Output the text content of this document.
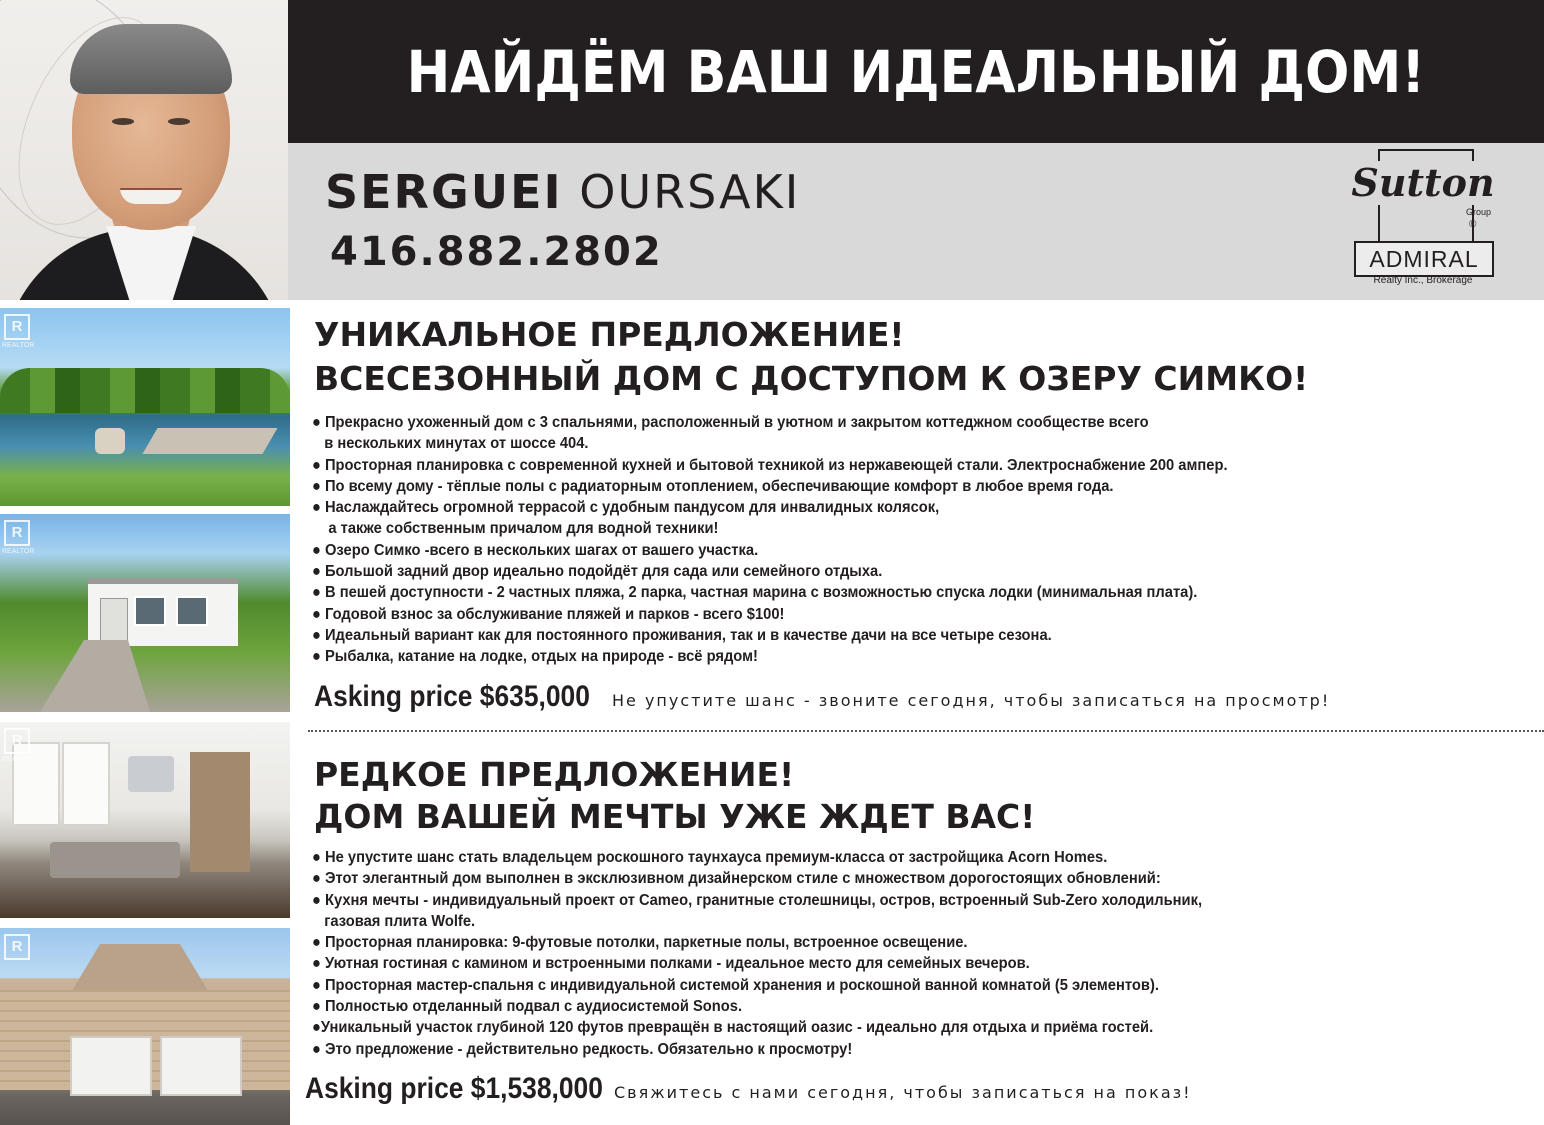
НАЙДЁМ ВАШ ИДЕАЛЬНЫЙ ДОМ!
SERGUEI OURSAKI
416.882.2802
Sutton
Group
®
ADMIRAL
Realty Inc., Brokerage
R
REALTOR
R
REALTOR
R
REALTOR
R
УНИКАЛЬНОЕ ПРЕДЛОЖЕНИЕ!
ВСЕСЕЗОННЫЙ ДОМ С ДОСТУПОМ К ОЗЕРУ СИМКО!
● Прекрасно ухоженный дом с 3 спальнями, расположенный в уютном и закрытом коттеджном сообществе всего
в нескольких минутах от шоссе 404.
● Просторная планировка с современной кухней и бытовой техникой из нержавеющей стали. Электроснабжение 200 ампер.
● По всему дому - тёплые полы с радиаторным отоплением, обеспечивающие комфорт в любое время года.
● Наслаждайтесь огромной террасой с удобным пандусом для инвалидных колясок,
а также собственным причалом для водной техники!
● Озеро Симко -всего в нескольких шагах от вашего участка.
● Большой задний двор идеально подойдёт для сада или семейного отдыха.
● В пешей доступности - 2 частных пляжа, 2 парка, частная марина с возможностью спуска лодки (минимальная плата).
● Годовой взнос за обслуживание пляжей и парков - всего $100!
● Идеальный вариант как для постоянного проживания, так и в качестве дачи на все четыре сезона.
● Рыбалка, катание на лодке, отдых на природе - всё рядом!
Asking price $635,000 Не упустите шанс - звоните сегодня, чтобы записаться на просмотр!
РЕДКОЕ ПРЕДЛОЖЕНИЕ!
ДОМ ВАШЕЙ МЕЧТЫ УЖЕ ЖДЕТ ВАС!
● Не упустите шанс стать владельцем роскошного таунхауса премиум-класса от застройщика Acorn Homes.
● Этот элегантный дом выполнен в эксклюзивном дизайнерском стиле с множеством дорогостоящих обновлений:
● Кухня мечты - индивидуальный проект от Cameo, гранитные столешницы, остров, встроенный Sub-Zero холодильник,
газовая плита Wolfe.
● Просторная планировка: 9-футовые потолки, паркетные полы, встроенное освещение.
● Уютная гостиная с камином и встроенными полками - идеальное место для семейных вечеров.
● Просторная мастер-спальня с индивидуальной системой хранения и роскошной ванной комнатой (5 элементов).
● Полностью отделанный подвал с аудиосистемой Sonos.
●Уникальный участок глубиной 120 футов превращён в настоящий оазис - идеально для отдыха и приёма гостей.
● Это предложение - действительно редкость. Обязательно к просмотру!
Asking price $1,538,000 Свяжитесь с нами сегодня, чтобы записаться на показ!
